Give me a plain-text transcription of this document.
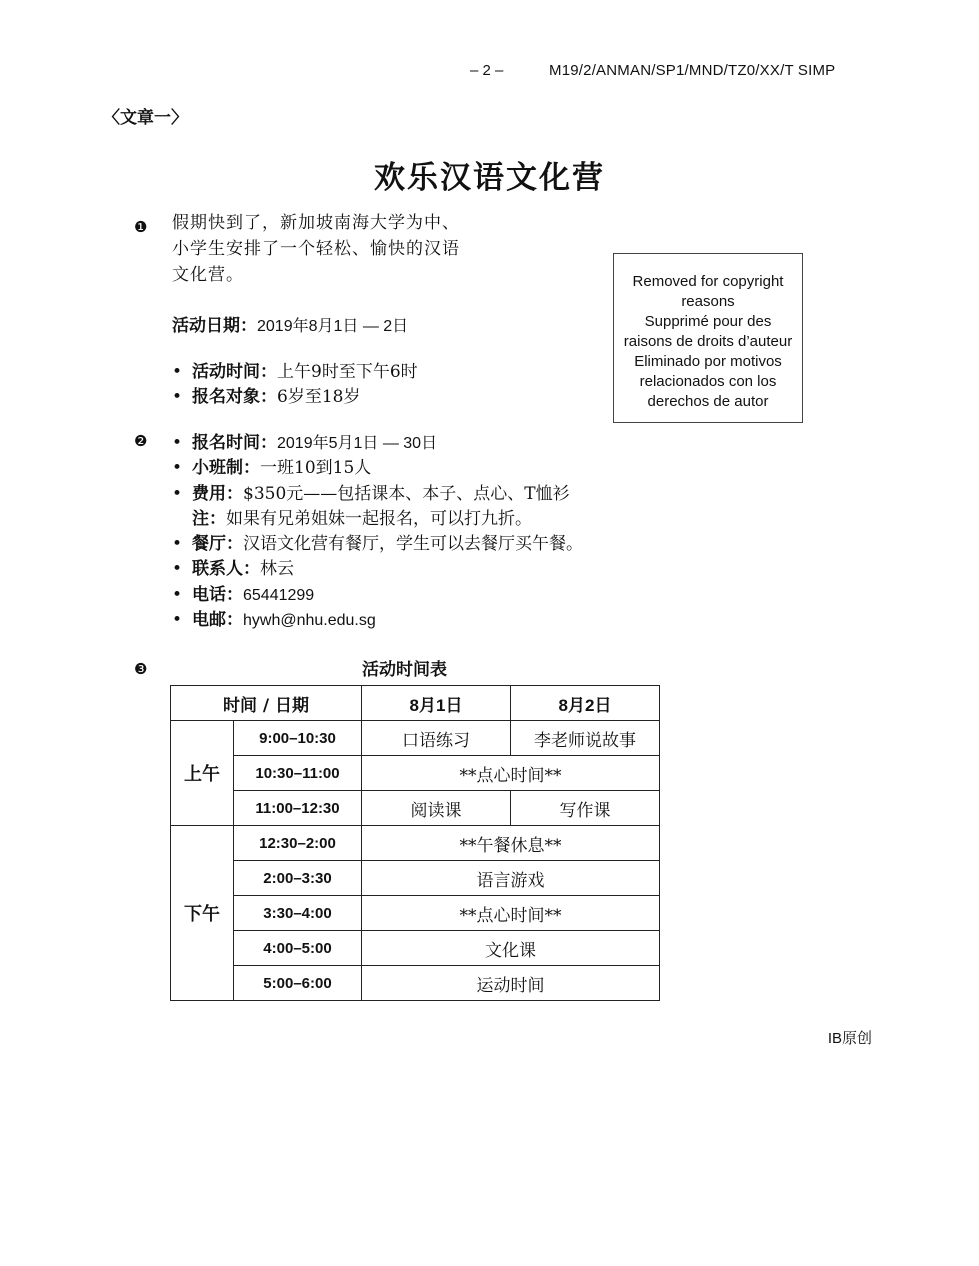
– 2 –	M19/2/ANMAN/SP1/MND/TZ0/XX/T SIMP
〈文章一〉
欢乐汉语文化营
❶
❷
❸
假期快到了，新加坡南海大学为中、
小学生安排了一个轻松、愉快的汉语
文化营。
活动日期：2019年8月1日 — 2日
• 活动时间：上午9时至下午6时
• 报名对象：6岁至18岁
Removed for copyright
reasons
Supprimé pour des
raisons de droits d’auteur
Eliminado por motivos
relacionados con los
derechos de autor
• 报名时间：2019年5月1日 — 30日
• 小班制：一班10到15人
• 费用：$350元——包括课本、本子、点心、T恤衫
注：如果有兄弟姐妹一起报名，可以打九折。
• 餐厅：汉语文化营有餐厅，学生可以去餐厅买午餐。
• 联系人：林云
• 电话：65441299
• 电邮：hywh@nhu.edu.sg
活动时间表
时间 / 日期		8月1日	8月2日
上午	9:00–10:30	口语练习	李老师说故事
	10:30–11:00	**点心时间**	
	11:00–12:30	阅读课	写作课
下午	12:30–2:00	**午餐休息**	
	2:00–3:30	语言游戏	
	3:30–4:00	**点心时间**	
	4:00–5:00	文化课	
	5:00–6:00	运动时间	
IB原创
